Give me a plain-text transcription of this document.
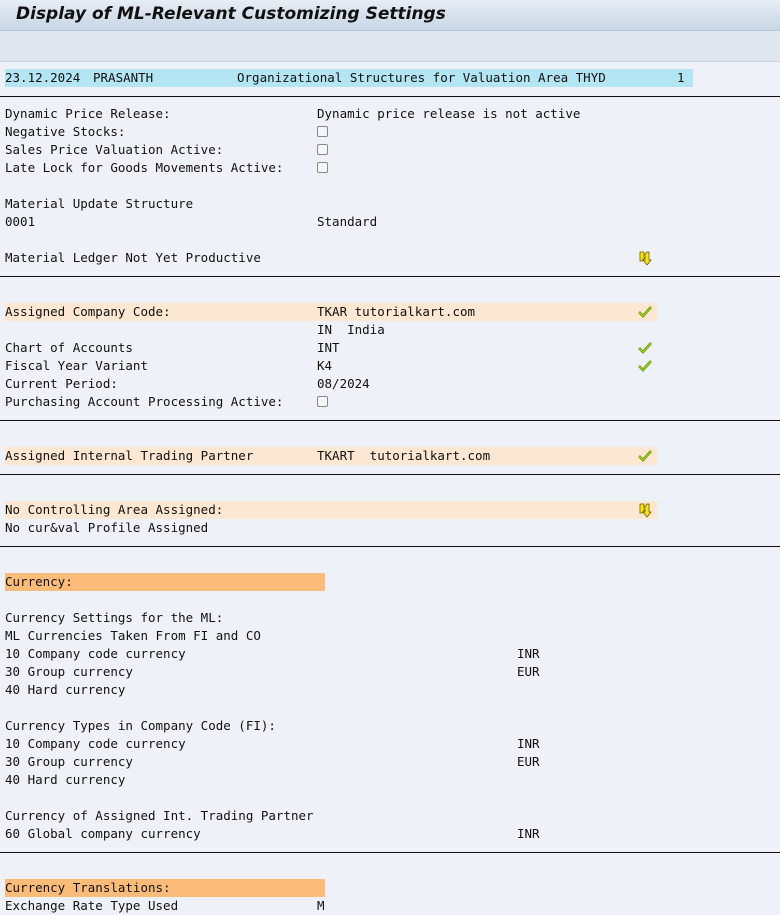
Display of ML-Relevant Customizing Settings
23.12.2024 PRASANTH	Organizational Structures for Valuation Area THYD	1
Dynamic Price Release:	Dynamic price release is not active
Negative Stocks:
Sales Price Valuation Active:
Late Lock for Goods Movements Active:
Material Update Structure
0001	Standard
Material Ledger Not Yet Productive
Assigned Company Code:	TKAR tutorialkart.com
IN  India
Chart of Accounts	INT
Fiscal Year Variant	K4
Current Period:	08/2024
Purchasing Account Processing Active:
Assigned Internal Trading Partner	TKART  tutorialkart.com
No Controlling Area Assigned:
No cur&val Profile Assigned
Currency:
Currency Settings for the ML:
ML Currencies Taken From FI and CO
10 Company code currency	INR
30 Group currency	EUR
40 Hard currency
Currency Types in Company Code (FI):
10 Company code currency	INR
30 Group currency	EUR
40 Hard currency
Currency of Assigned Int. Trading Partner
60 Global company currency	INR
Currency Translations:
Exchange Rate Type Used	M
